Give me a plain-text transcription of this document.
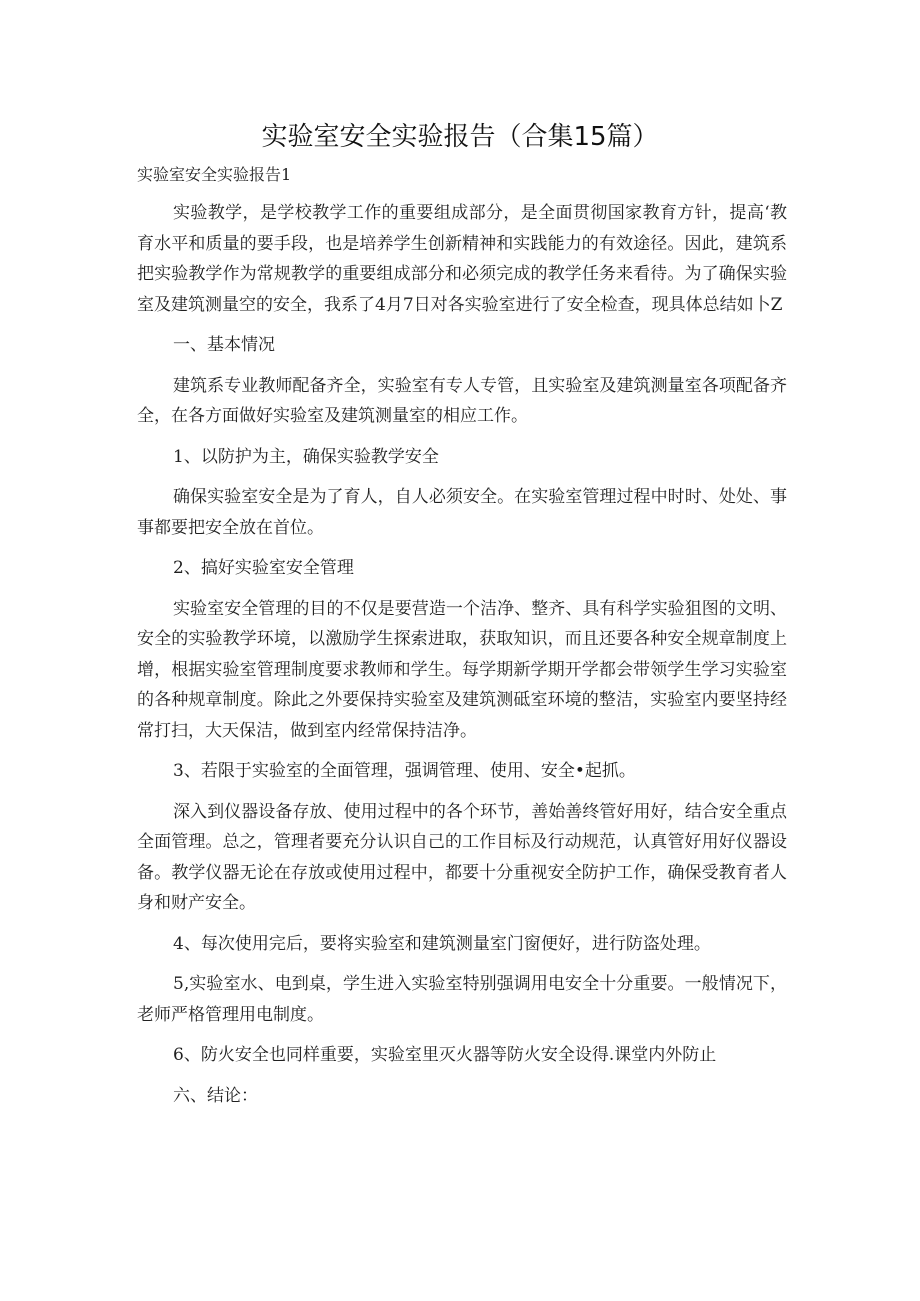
实验室安全实验报告（合集15篇）
实验室安全实验报告1

实验教学，是学校教学工作的重要组成部分，是全面贯彻国家教育方针，提高‘教育水平和质量的要手段，也是培养学生创新精神和实践能力的有效途径。因此，建筑系把实验教学作为常规教学的重要组成部分和必须完成的教学任务来看待。为了确保实验室及建筑测量空的安全，我系了4月7日对各实验室进行了安全检查，现具体总结如卜Z

一、基本情况

建筑系专业教师配备齐全，实验室有专人专管，且实验室及建筑测量室各项配备齐全，在各方面做好实验室及建筑测量室的相应工作。

1、以防护为主，确保实验教学安全

确保实验室安全是为了育人，自人必须安全。在实验室管理过程中时时、处处、事事都要把安全放在首位。

2、搞好实验室安全管理

实验室安全管理的目的不仅是要营造一个洁净、整齐、具有科学实验狙图的文明、安全的实验教学环境，以激励学生探索进取，获取知识，而且还要各种安全规章制度上增，根据实验室管理制度要求教师和学生。每学期新学期开学都会带领学生学习实验室的各种规章制度。除此之外要保持实验室及建筑测砥室环境的整洁，实验室内要坚持经常打扫，大天保洁，做到室内经常保持洁净。

3、若限于实验室的全面管理，强调管理、使用、安全•起抓。

深入到仪器设备存放、使用过程中的各个环节，善始善终管好用好，结合安全重点全面管理。总之，管理者要充分认识自己的工作目标及行动规范，认真管好用好仪器设备。教学仪器无论在存放或使用过程中，都要十分重视安全防护工作，确保受教育者人身和财产安全。

4、每次使用完后，要将实验室和建筑测量室门窗便好，进行防盗处理。

5,实验室水、电到桌，学生进入实验室特别强调用电安全十分重要。一般情况下，老师严格管理用电制度。

6、防火安全也同样重要，实验室里灭火器等防火安全设得.课堂内外防止

六、结论：
